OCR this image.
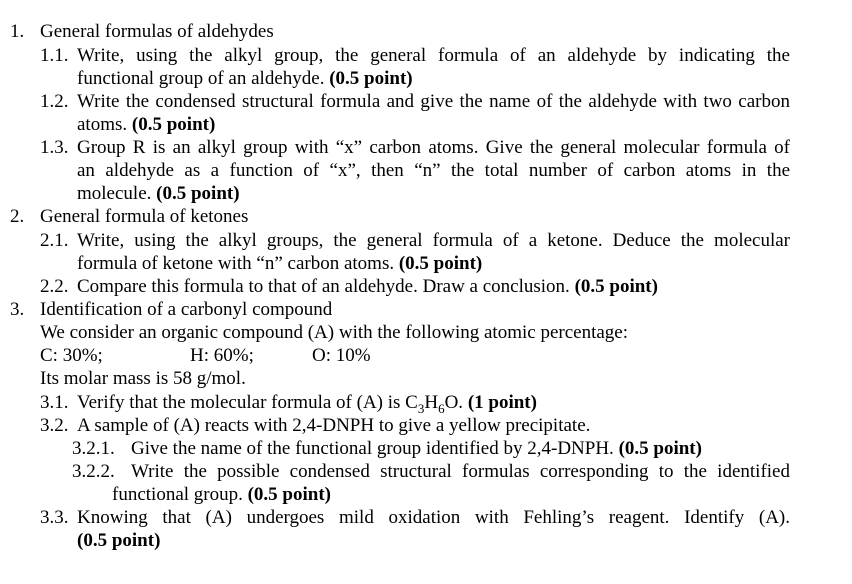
1. General formulas of aldehydes
1.1. Write, using the alkyl group, the general formula of an aldehyde by indicating the
functional group of an aldehyde. (0.5 point)
1.2. Write the condensed structural formula and give the name of the aldehyde with two carbon
atoms. (0.5 point)
1.3. Group R is an alkyl group with “x” carbon atoms. Give the general molecular formula of
an aldehyde as a function of “x”, then “n” the total number of carbon atoms in the
molecule. (0.5 point)
2. General formula of ketones
2.1. Write, using the alkyl groups, the general formula of a ketone. Deduce the molecular
formula of ketone with “n” carbon atoms. (0.5 point)
2.2. Compare this formula to that of an aldehyde. Draw a conclusion. (0.5 point)
3. Identification of a carbonyl compound
We consider an organic compound (A) with the following atomic percentage:
C: 30%;	H: 60%;	O: 10%
Its molar mass is 58 g/mol.
3.1. Verify that the molecular formula of (A) is $C_3H_6O$. (1 point)
3.2. A sample of (A) reacts with 2,4-DNPH to give a yellow precipitate.
3.2.1. Give the name of the functional group identified by 2,4-DNPH. (0.5 point)
3.2.2. Write the possible condensed structural formulas corresponding to the identified
functional group. (0.5 point)
3.3. Knowing that (A) undergoes mild oxidation with Fehling’s reagent. Identify (A).
(0.5 point)
